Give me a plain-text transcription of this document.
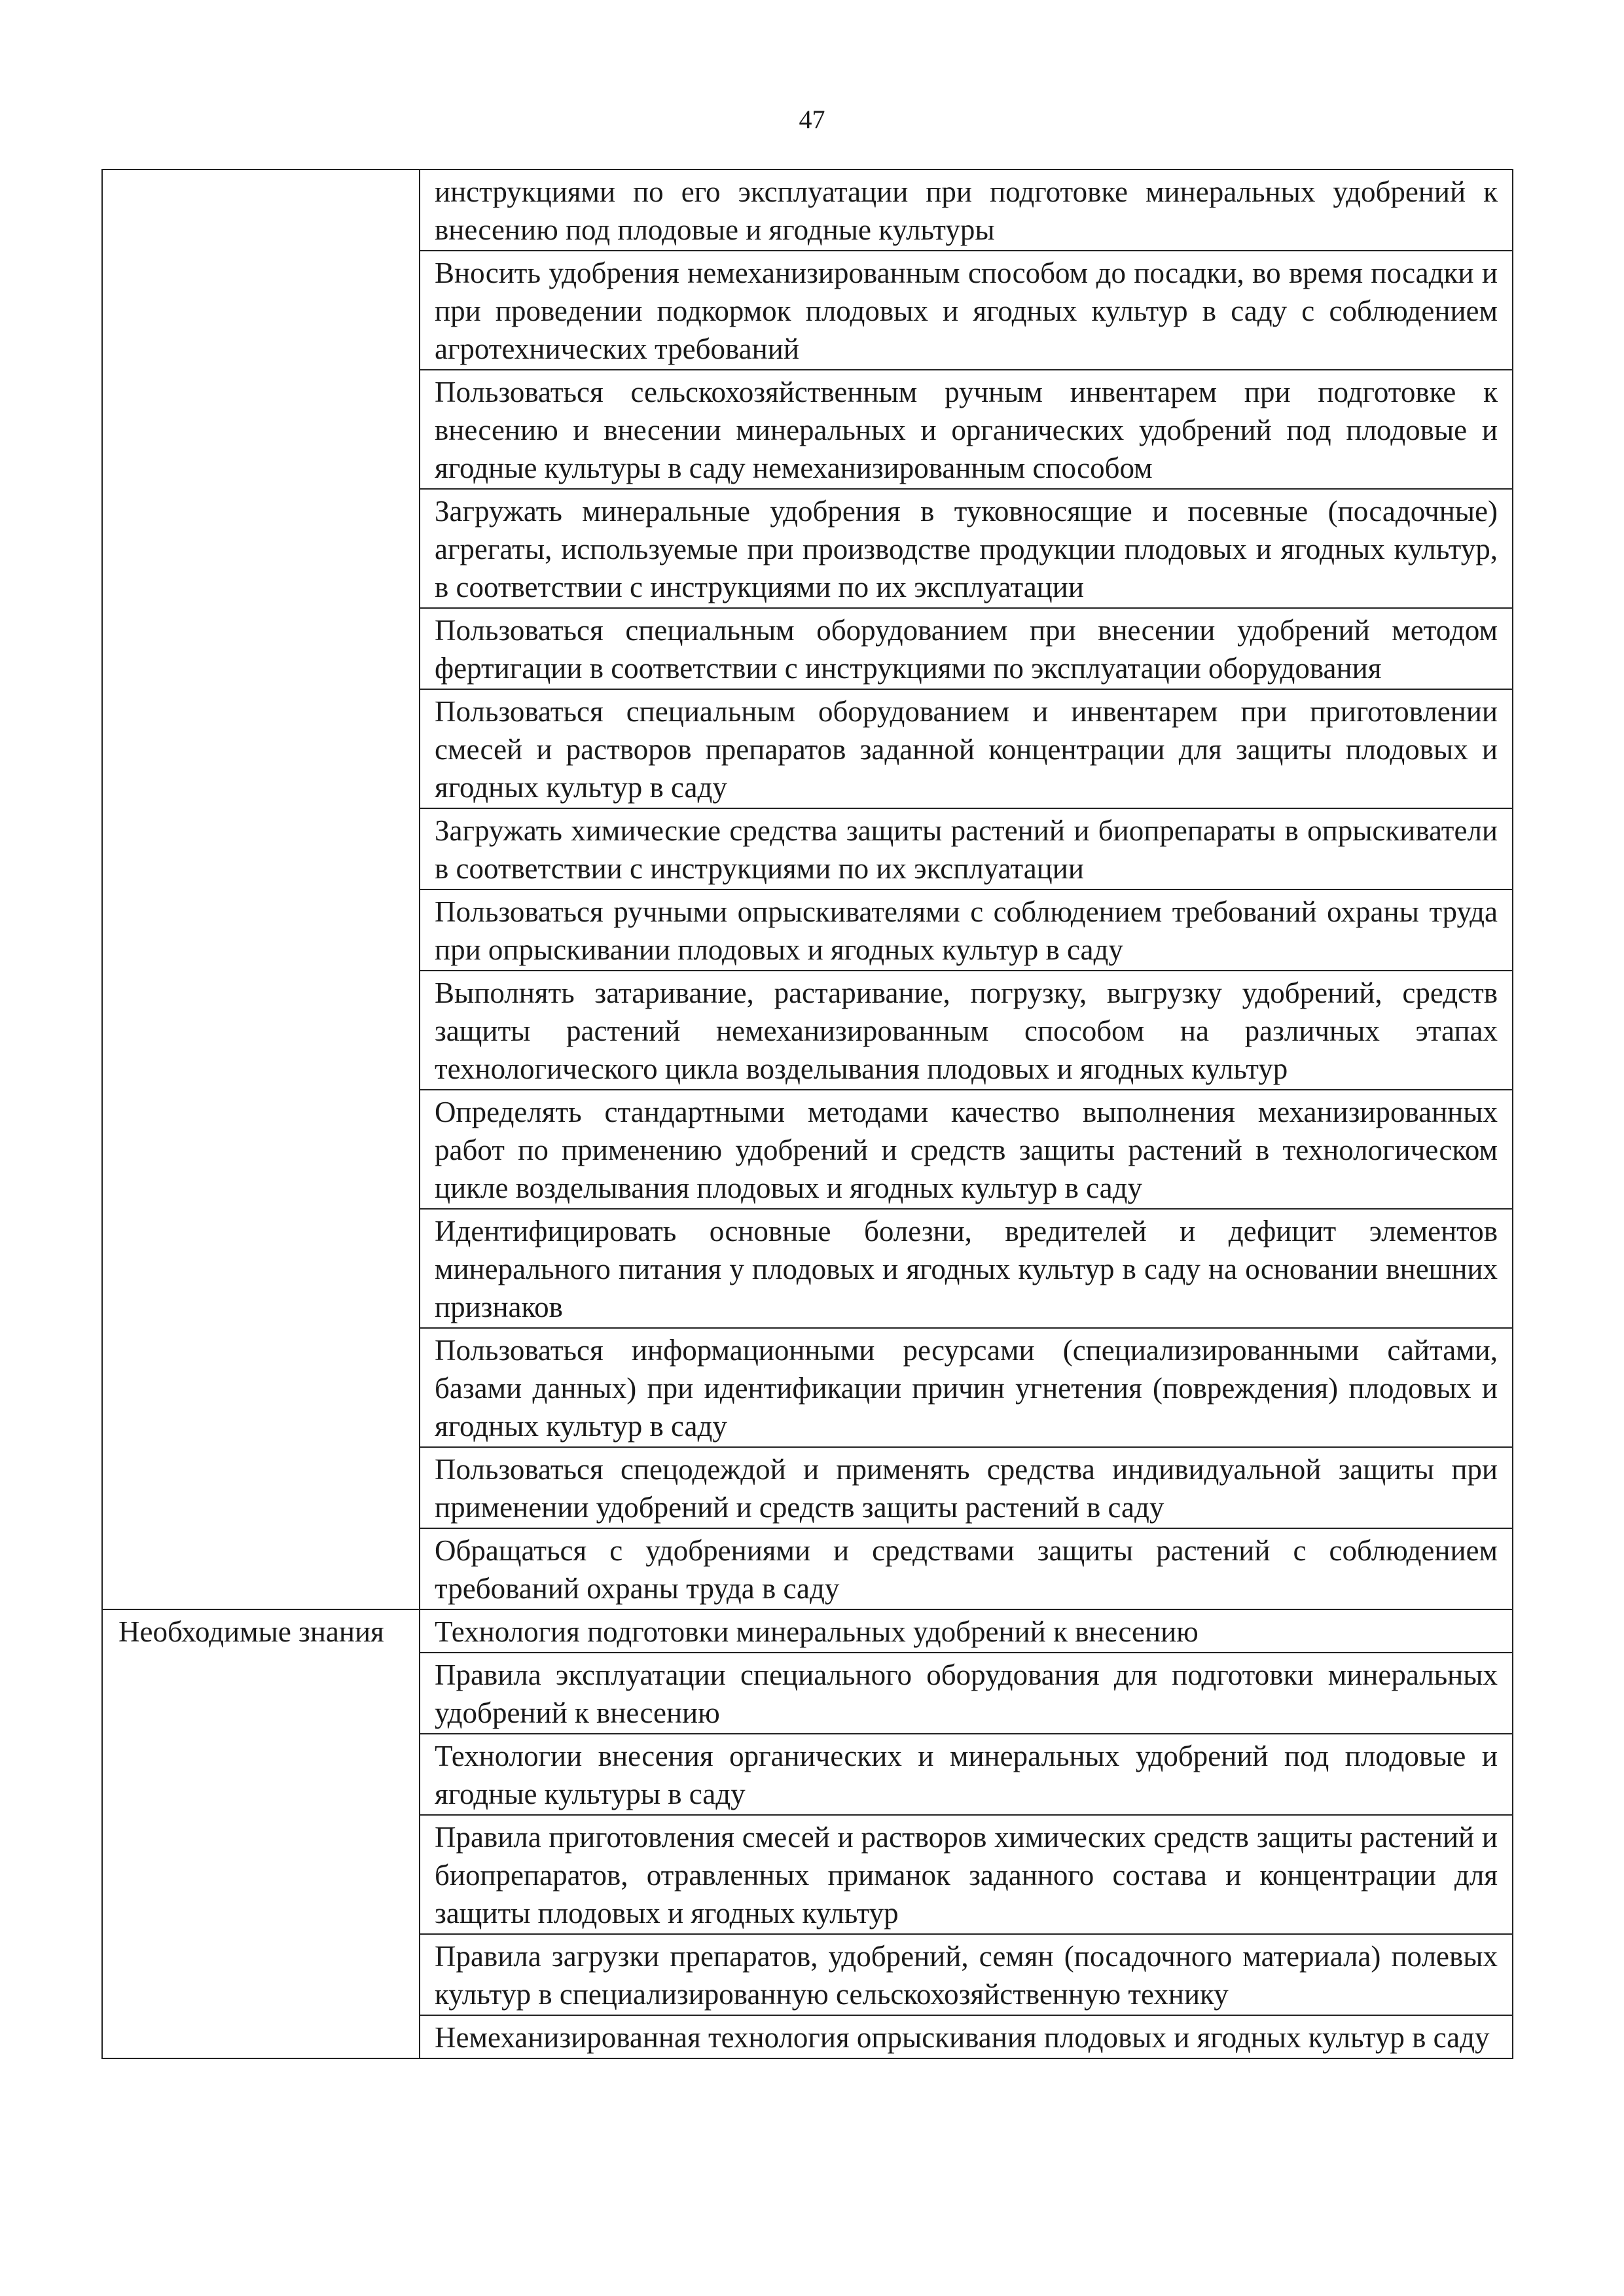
47
	инструкциями по его эксплуатации при подготовке минеральных удобрений к внесению под плодовые и ягодные культуры
	Вносить удобрения немеханизированным способом до посадки, во время посадки и при проведении подкормок плодовых и ягодных культур в саду с соблюдением агротехнических требований
	Пользоваться сельскохозяйственным ручным инвентарем при подготовке к внесению и внесении минеральных и органических удобрений под плодовые и ягодные культуры в саду немеханизированным способом
	Загружать минеральные удобрения в туковносящие и посевные (посадочные) агрегаты, используемые при производстве продукции плодовых и ягодных культур, в соответствии с инструкциями по их эксплуатации
	Пользоваться специальным оборудованием при внесении удобрений методом фертигации в соответствии с инструкциями по эксплуатации оборудования
	Пользоваться специальным оборудованием и инвентарем при приготовлении смесей и растворов препаратов заданной концентрации для защиты плодовых и ягодных культур в саду
	Загружать химические средства защиты растений и биопрепараты в опрыскиватели в соответствии с инструкциями по их эксплуатации
	Пользоваться ручными опрыскивателями с соблюдением требований охраны труда при опрыскивании плодовых и ягодных культур в саду
	Выполнять затаривание, растаривание, погрузку, выгрузку удобрений, средств защиты растений немеханизированным способом на различных этапах технологического цикла возделывания плодовых и ягодных культур
	Определять стандартными методами качество выполнения механизированных работ по применению удобрений и средств защиты растений в технологическом цикле возделывания плодовых и ягодных культур в саду
	Идентифицировать основные болезни, вредителей и дефицит элементов минерального питания у плодовых и ягодных культур в саду на основании внешних признаков
	Пользоваться информационными ресурсами (специализированными сайтами, базами данных) при идентификации причин угнетения (повреждения) плодовых и ягодных культур в саду
	Пользоваться спецодеждой и применять средства индивидуальной защиты при применении удобрений и средств защиты растений в саду
	Обращаться с удобрениями и средствами защиты растений с соблюдением требований охраны труда в саду
Необходимые знания	Технология подготовки минеральных удобрений к внесению
	Правила эксплуатации специального оборудования для подготовки минеральных удобрений к внесению
	Технологии внесения органических и минеральных удобрений под плодовые и ягодные культуры в саду
	Правила приготовления смесей и растворов химических средств защиты растений и биопрепаратов, отравленных приманок заданного состава и концентрации для защиты плодовых и ягодных культур
	Правила загрузки препаратов, удобрений, семян (посадочного материала) полевых культур в специализированную сельскохозяйственную технику
	Немеханизированная технология опрыскивания плодовых и ягодных культур в саду
